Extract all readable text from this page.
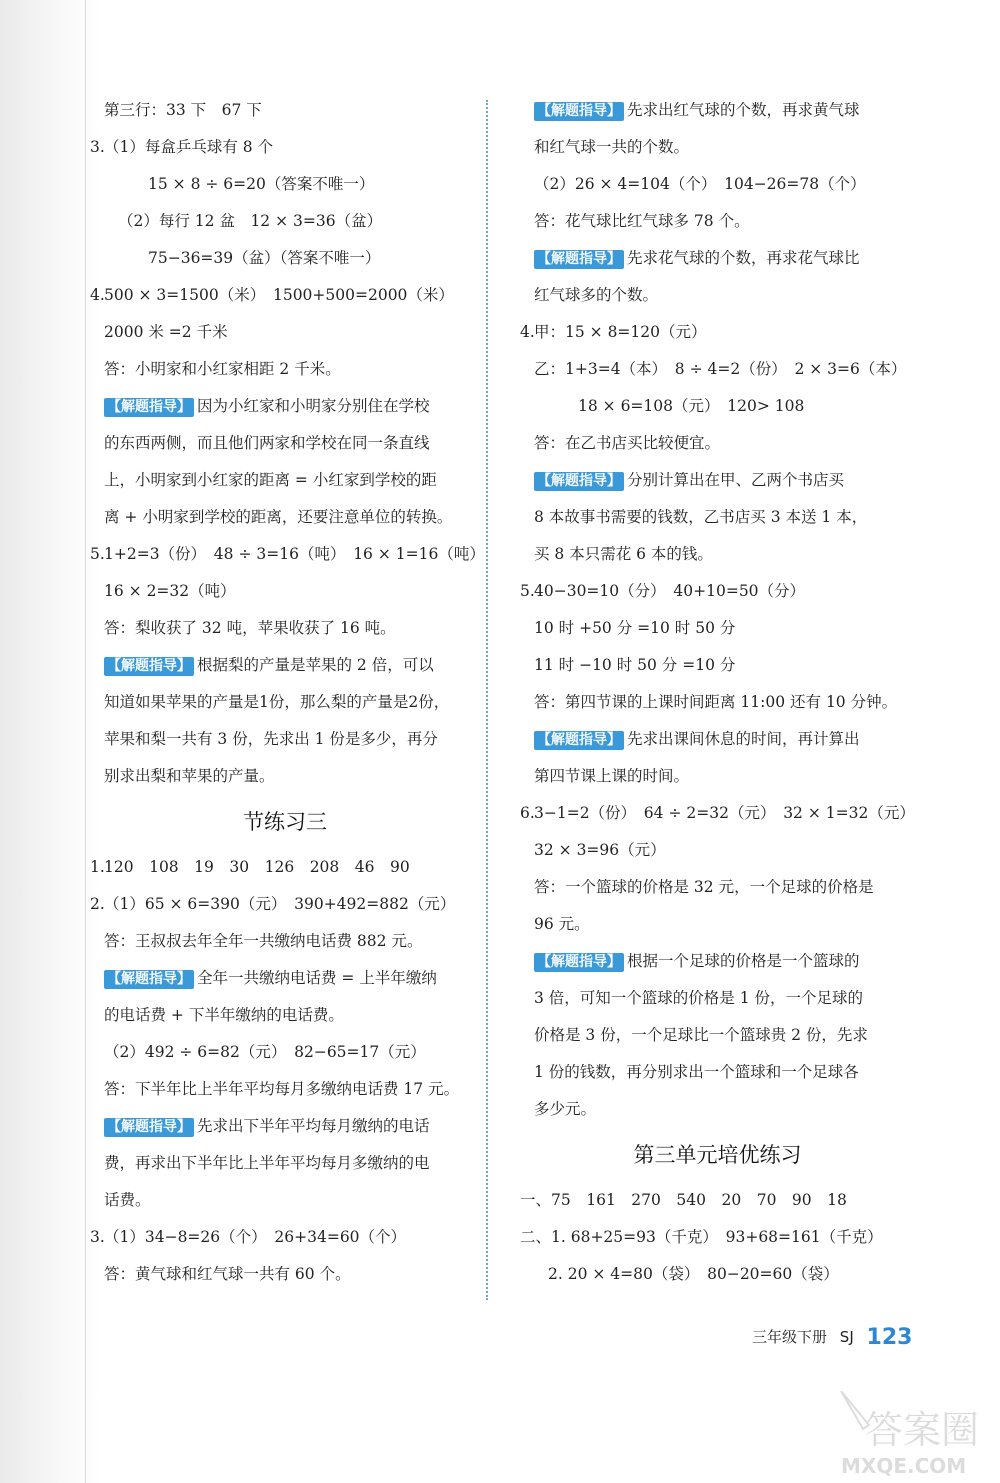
第三行：33 下　67 下
3.（1）每盒乒乓球有 8 个
15 × 8 ÷ 6=20（答案不唯一）
（2）每行 12 盆　12 × 3=36（盆）
75−36=39（盆）（答案不唯一）
4.500 × 3=1500（米）　1500+500=2000（米）
2000 米 =2 千米
答：小明家和小红家相距 2 千米。
【解题指导】 因为小红家和小明家分别住在学校
的东西两侧，而且他们两家和学校在同一条直线
上，小明家到小红家的距离 = 小红家到学校的距
离 + 小明家到学校的距离，还要注意单位的转换。
5.1+2=3（份）　48 ÷ 3=16（吨）　16 × 1=16（吨）
16 × 2=32（吨）
答：梨收获了 32 吨，苹果收获了 16 吨。
【解题指导】 根据梨的产量是苹果的 2 倍，可以
知道如果苹果的产量是1份，那么梨的产量是2份，
苹果和梨一共有 3 份，先求出 1 份是多少，再分
别求出梨和苹果的产量。
节练习三
1.120　108　19　30　126　208　46　90
2.（1）65 × 6=390（元）　390+492=882（元）
答：王叔叔去年全年一共缴纳电话费 882 元。
【解题指导】 全年一共缴纳电话费 = 上半年缴纳
的电话费 + 下半年缴纳的电话费。
（2）492 ÷ 6=82（元）　82−65=17（元）
答：下半年比上半年平均每月多缴纳电话费 17 元。
【解题指导】 先求出下半年平均每月缴纳的电话
费，再求出下半年比上半年平均每月多缴纳的电
话费。
3.（1）34−8=26（个）　26+34=60（个）
答：黄气球和红气球一共有 60 个。
【解题指导】 先求出红气球的个数，再求黄气球
和红气球一共的个数。
（2）26 × 4=104（个）　104−26=78（个）
答：花气球比红气球多 78 个。
【解题指导】 先求花气球的个数，再求花气球比
红气球多的个数。
4.甲：15 × 8=120（元）
乙：1+3=4（本）　8 ÷ 4=2（份）　2 × 3=6（本）
18 × 6=108（元）　120> 108
答：在乙书店买比较便宜。
【解题指导】 分别计算出在甲、乙两个书店买
8 本故事书需要的钱数，乙书店买 3 本送 1 本，
买 8 本只需花 6 本的钱。
5.40−30=10（分）　40+10=50（分）
10 时 +50 分 =10 时 50 分
11 时 −10 时 50 分 =10 分
答：第四节课的上课时间距离 11:00 还有 10 分钟。
【解题指导】 先求出课间休息的时间，再计算出
第四节课上课的时间。
6.3−1=2（份）　64 ÷ 2=32（元）　32 × 1=32（元）
32 × 3=96（元）
答：一个篮球的价格是 32 元，一个足球的价格是
96 元。
【解题指导】 根据一个足球的价格是一个篮球的
3 倍，可知一个篮球的价格是 1 份，一个足球的
价格是 3 份，一个足球比一个篮球贵 2 份，先求
1 份的钱数，再分别求出一个篮球和一个足球各
多少元。
第三单元培优练习
一、75　161　270　540　20　70　90　18
二、1. 68+25=93（千克）　93+68=161（千克）
2. 20 × 4=80（袋）　80−20=60（袋）
三年级下册 SJ 123
答案圈
MXQE.COM
